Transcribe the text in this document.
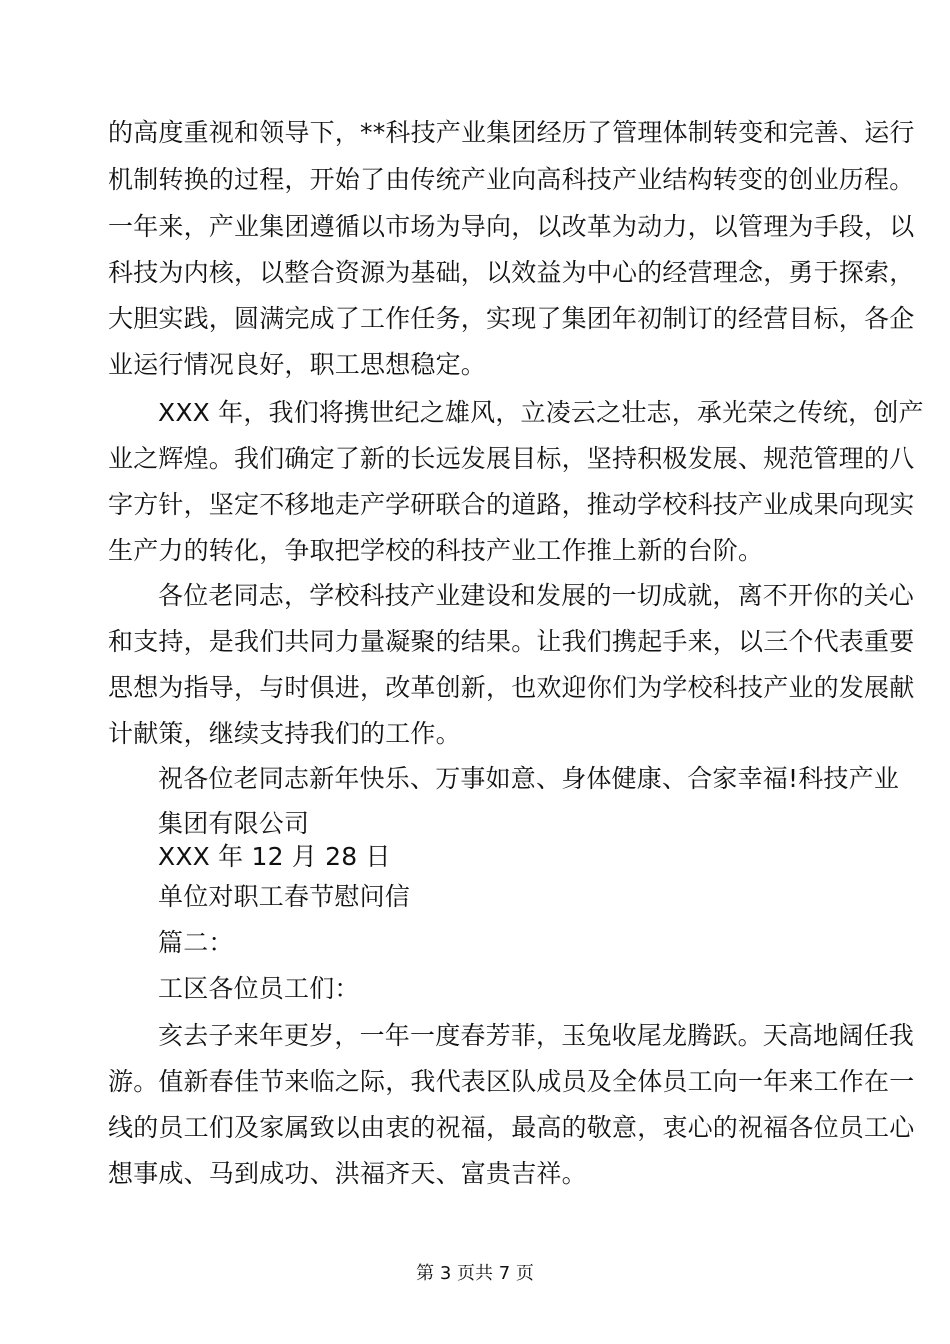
的高度重视和领导下，**科技产业集团经历了管理体制转变和完善、运行
机制转换的过程，开始了由传统产业向高科技产业结构转变的创业历程。
一年来，产业集团遵循以市场为导向，以改革为动力，以管理为手段，以
科技为内核，以整合资源为基础，以效益为中心的经营理念，勇于探索，
大胆实践，圆满完成了工作任务，实现了集团年初制订的经营目标，各企
业运行情况良好，职工思想稳定。
XXX 年，我们将携世纪之雄风，立凌云之壮志，承光荣之传统，创产
业之辉煌。我们确定了新的长远发展目标，坚持积极发展、规范管理的八
字方针，坚定不移地走产学研联合的道路，推动学校科技产业成果向现实
生产力的转化，争取把学校的科技产业工作推上新的台阶。
各位老同志，学校科技产业建设和发展的一切成就，离不开你的关心
和支持，是我们共同力量凝聚的结果。让我们携起手来，以三个代表重要
思想为指导，与时俱进，改革创新，也欢迎你们为学校科技产业的发展献
计献策，继续支持我们的工作。
祝各位老同志新年快乐、万事如意、身体健康、合家幸福!科技产业
集团有限公司
XXX 年 12 月 28 日
单位对职工春节慰问信
篇二：
工区各位员工们：
亥去子来年更岁，一年一度春芳菲，玉兔收尾龙腾跃。天高地阔任我
游。值新春佳节来临之际，我代表区队成员及全体员工向一年来工作在一
线的员工们及家属致以由衷的祝福，最高的敬意，衷心的祝福各位员工心
想事成、马到成功、洪福齐天、富贵吉祥。
第 3 页共 7 页
